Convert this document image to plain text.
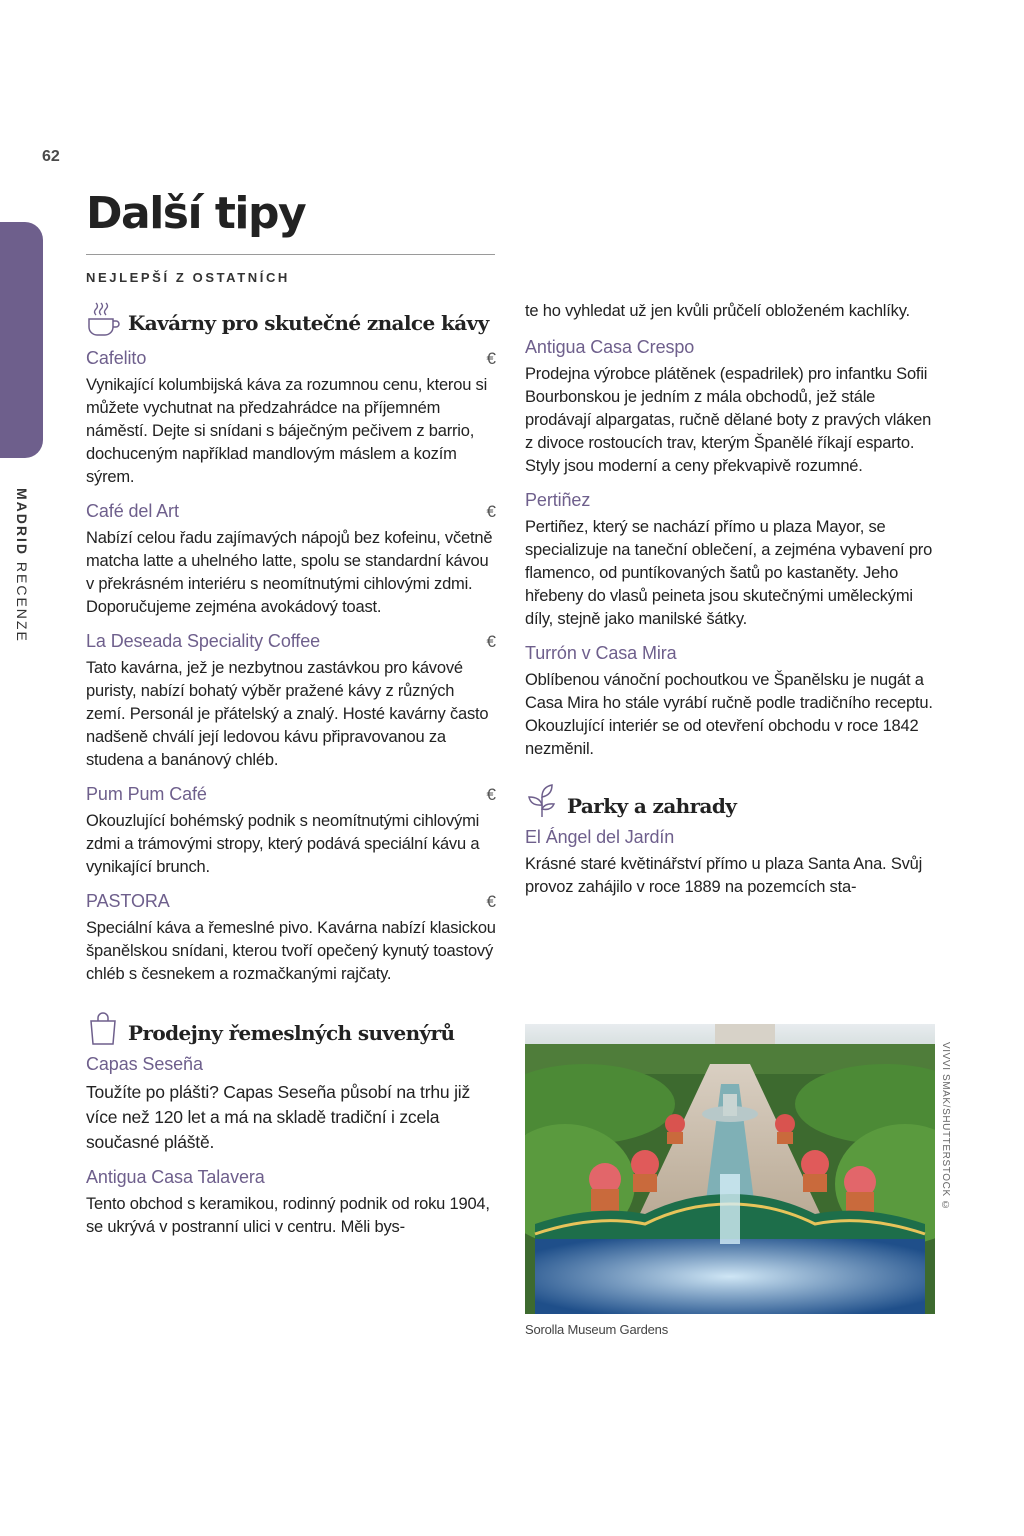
62
MADRID RECENZE
Další tipy
NEJLEPŠÍ Z OSTATNÍCH
Kavárny pro skutečné znalce kávy
Cafelito	€

Vynikající kolumbijská káva za rozumnou cenu, kterou si můžete vychutnat na předzahrádce na příjemném náměstí. Dejte si snídani s báječným pečivem z barrio, dochuceným například mandlovým máslem a kozím sýrem.

Café del Art	€

Nabízí celou řadu zajímavých nápojů bez kofeinu, včetně matcha latte a uhelného latte, spolu se standardní kávou v překrásném interiéru s neomítnutými cihlovými zdmi. Doporučujeme zejména avokádový toast.

La Deseada Speciality Coffee	€

Tato kavárna, jež je nezbytnou zastávkou pro kávové puristy, nabízí bohatý výběr pražené kávy z různých zemí. Personál je přátelský a znalý. Hosté kavárny často nadšeně chválí její ledovou kávu připravovanou za studena a banánový chléb.

Pum Pum Café	€

Okouzlující bohémský podnik s neomítnutými cihlovými zdmi a trámovými stropy, který podává speciální kávu a vynikající brunch.

PASTORA	€

Speciální káva a řemeslné pivo. Kavárna nabízí klasickou španělskou snídani, kterou tvoří opečený kynutý toastový chléb s česnekem a rozmačkanými rajčaty.

Prodejny řemeslných suvenýrů
Capas Seseña

Toužíte po plášti? Capas Seseña působí na trhu již více než 120 let a má na skladě tradiční i zcela současné pláště.

Antigua Casa Talavera

Tento obchod s keramikou, rodinný podnik od roku 1904, se ukrývá v postranní ulici v centru. Měli bys-

te ho vyhledat už jen kvůli průčelí obloženém kachlíky.

Antigua Casa Crespo

Prodejna výrobce plátěnek (espadrilek) pro infantku Sofii Bourbonskou je jedním z mála obchodů, jež stále prodávají alpargatas, ručně dělané boty z pravých vláken z divoce rostoucích trav, kterým Španělé říkají esparto. Styly jsou moderní a ceny překvapivě rozumné.

Pertiñez

Pertiñez, který se nachází přímo u plaza Mayor, se specializuje na taneční oblečení, a zejména vybavení pro flamenco, od puntíkovaných šatů po kastaněty. Jeho hřebeny do vlasů peineta jsou skutečnými uměleckými díly, stejně jako manilské šátky.

Turrón v Casa Mira

Oblíbenou vánoční pochoutkou ve Španělsku je nugát a Casa Mira ho stále vyrábí ručně podle tradičního receptu. Okouzlující interiér se od otevření obchodu v roce 1842 nezměnil.

Parky a zahrady
El Ángel del Jardín

Krásné staré květinářství přímo u plaza Santa Ana. Svůj provoz zahájilo v roce 1889 na pozemcích sta-

Sorolla Museum Gardens
VIVVI SMAK/SHUTTERSTOCK ©
